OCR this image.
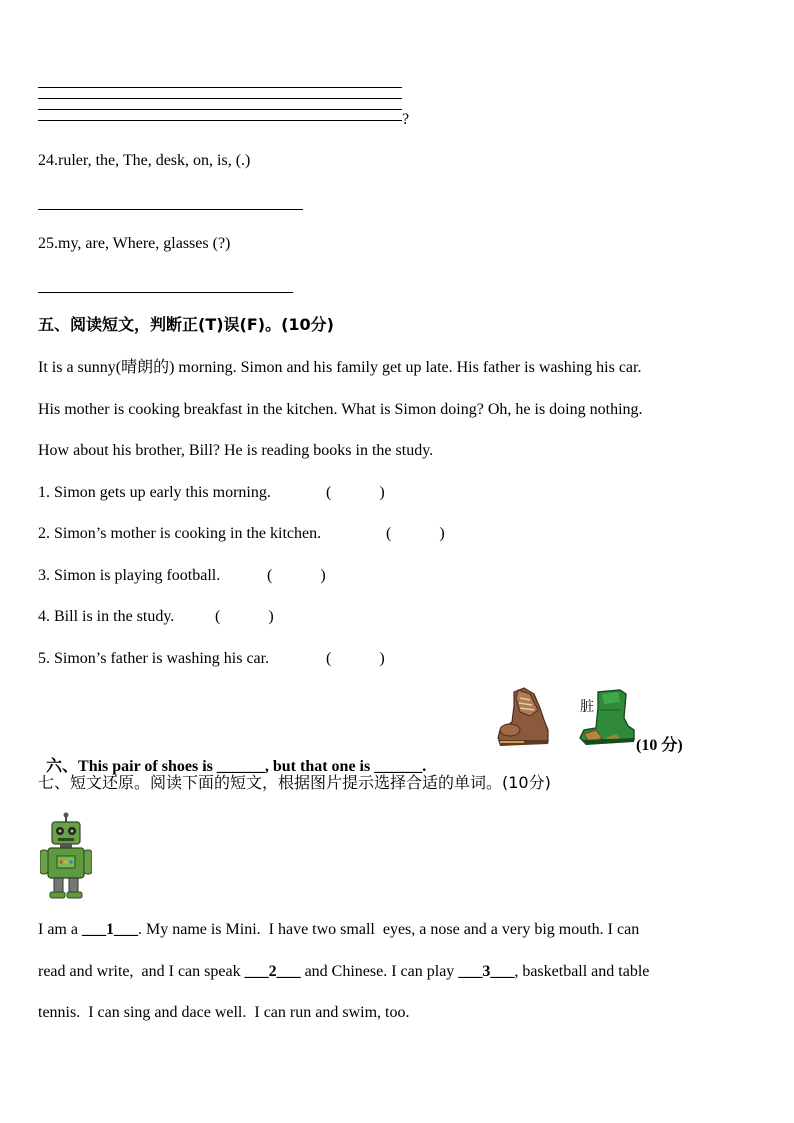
?
24.ruler, the, The, desk, on, is, (.)
25.my, are, Where, glasses (?)
五、阅读短文，判断正(T)误(F)。(10分)
It is a sunny(晴朗的) morning. Simon and his family get up late. His father is washing his car.
His mother is cooking breakfast in the kitchen. What is Simon doing? Oh, he is doing nothing.
How about his brother, Bill? He is reading books in the study.
1. Simon gets up early this morning.	(            )
2. Simon’s mother is cooking in the kitchen.	(            )
3. Simon is playing football.	(            )
4. Bill is in the study.	(            )
5. Simon’s father is washing his car.	(            )

六、This pair of shoes is ______, but that one is ______.

脏
(10 分)
七、短文还原。阅读下面的短文，根据图片提示选择合适的单词。(10分)
I am a ___1___. My name is Mini.  I have two small  eyes, a nose and a very big mouth. I can
read and write,  and I can speak ___2___ and Chinese. I can play ___3___, basketball and table
tennis.  I can sing and dace well.  I can run and swim, too.
